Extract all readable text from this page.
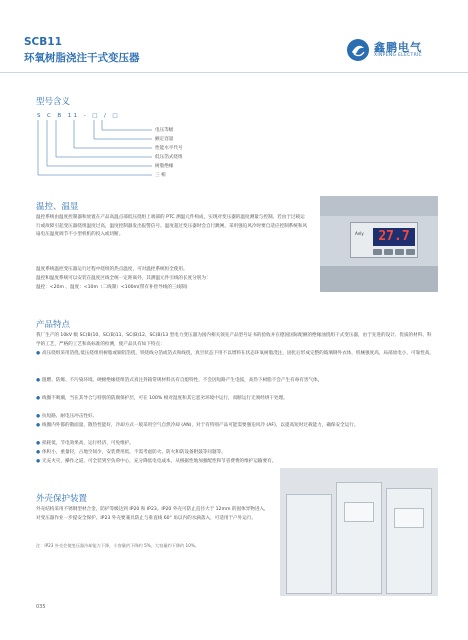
SCB11
环氧树脂浇注干式变压器
鑫鹏电气
XINPENG ELECTRIC
型号含义
S C B 11 - □ / □
电压等级
额定容量
性能水平代号
低压箔式绕组
树脂绝缘
三 相
温控、温显
温控系统由温度控制器和放置在产品高温点部低压绕组上端部的 PTC 测温元件构成，实现对变压器的温度测量与控制。若由于过载运行或故障引起变压器绕组温度过高，温度控制器发出报警信号。温度超过变压器时会自行跳闸。采用强迫风冷时要自适应控制系统和风扇电压温度调节不小型机机的投入或切断。
温度系统温控变压器运行过程中绕组的热点温度，可对温控系统恒全使用。
温控和温度系统可以安装在温度区线全统一定距离外，其测温元件引线的长度分别为：
温控：<20m 、温度：<10m（二线制）<100m(带有补偿导线的三线制)
Anly	27.7
产品特点
我厂生产的 10kV 级 SC(B)10、SC(B)11、SC(B)12、SC(B)13 型电力变压器为国内相关领先产品型号证书的验收并在德国国际配额的绝缘油绕组干式变压器，由于先进的设计、优质的材料、科学的工艺，严格的工艺和高标准的检测，使产品具有如下特点：
● 高压绕组采用箔绕,低压绕组用树脂或铜铝箔绕，铁绕线分箔或箔式和线绕，真空状态下用不以增料在状态环氧树脂浇注，固化后形成完整的玻璃钢外衣体，机械强度高，局部放电小、可靠性高。
● 阻燃、防爆、不污染环境。硬棉绝缘绕组箔式真注封箱常规材料具有自熄特性，不会因短路产生电弧，高热下树脂不会产生有毒有害气体。
● 线圈不吸潮，当在其导合与特别的防腐保护层，可在 100% 相对湿度和其它恶劣环境中运行，而断运行无须经烘干处理。
● 抗短路、耐电压冲击性好。
● 线圈内外都的散面量，散热性能好，冷却方式一般采用空气自然冷却 (AN)，对于有特别产品可能需要强迫风冷 (AF)，以提高短时过载能力，确保安全运行。
● 损耗低，节电效果高，运行经济，可免维护。
● 体积小，重量轻，占地空间少，安装费用低，不需考虑防火、防火和防设备附鼓等问题等。
● 无充火灾，操作之道，可全装到至负荷中心，充分降低电电成本，从根据性地加强配性和节省费费的维护运输要有。
外壳保护装置
外壳结构采用不锈钢型材合金，防护等级达到 IP20 和 IP23。IP20 外壳可防止直径大于 12mm 的固体异物进入，对变压器作业一步提安全保护。IP23 外壳要兼具防止与垂直线 60° 角以内的水滴落入，可适用于户外运行。
注：IP23 外壳会使变压器冷却能力下降，小容量约下降约 5%，大容量约下降约 10%。
035
